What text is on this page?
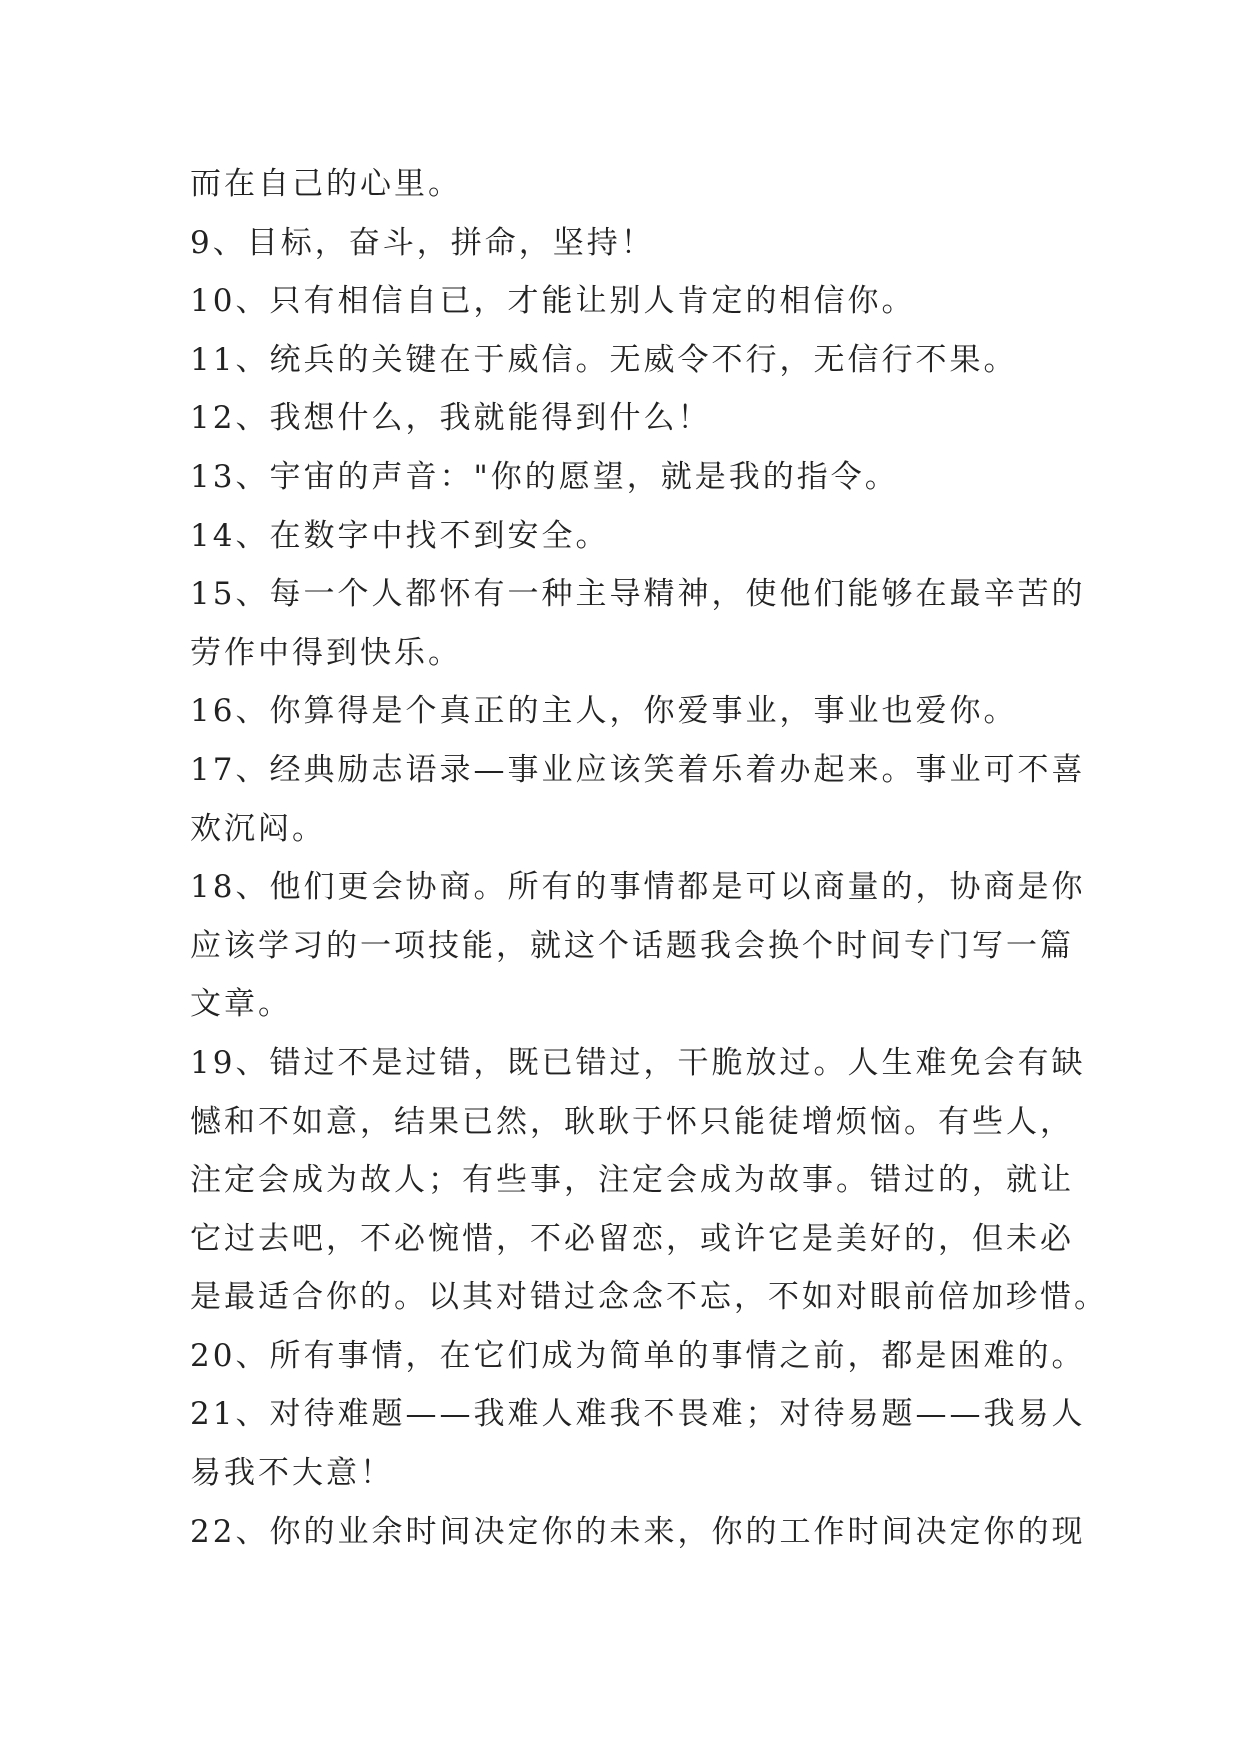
而在自己的心里。

9、目标，奋斗，拼命，坚持！

10、只有相信自已，才能让别人肯定的相信你。

11、统兵的关键在于威信。无威令不行，无信行不果。

12、我想什么，我就能得到什么！

13、宇宙的声音："你的愿望，就是我的指令。

14、在数字中找不到安全。

15、每一个人都怀有一种主导精神，使他们能够在最辛苦的

劳作中得到快乐。

16、你算得是个真正的主人，你爱事业，事业也爱你。

17、经典励志语录—事业应该笑着乐着办起来。事业可不喜

欢沉闷。

18、他们更会协商。所有的事情都是可以商量的，协商是你

应该学习的一项技能，就这个话题我会换个时间专门写一篇

文章。

19、错过不是过错，既已错过，干脆放过。人生难免会有缺

憾和不如意，结果已然，耿耿于怀只能徒增烦恼。有些人，

注定会成为故人；有些事，注定会成为故事。错过的，就让

它过去吧，不必惋惜，不必留恋，或许它是美好的，但未必

是最适合你的。以其对错过念念不忘，不如对眼前倍加珍惜。

20、所有事情，在它们成为简单的事情之前，都是困难的。

21、对待难题——我难人难我不畏难；对待易题——我易人

易我不大意！

22、你的业余时间决定你的未来，你的工作时间决定你的现
